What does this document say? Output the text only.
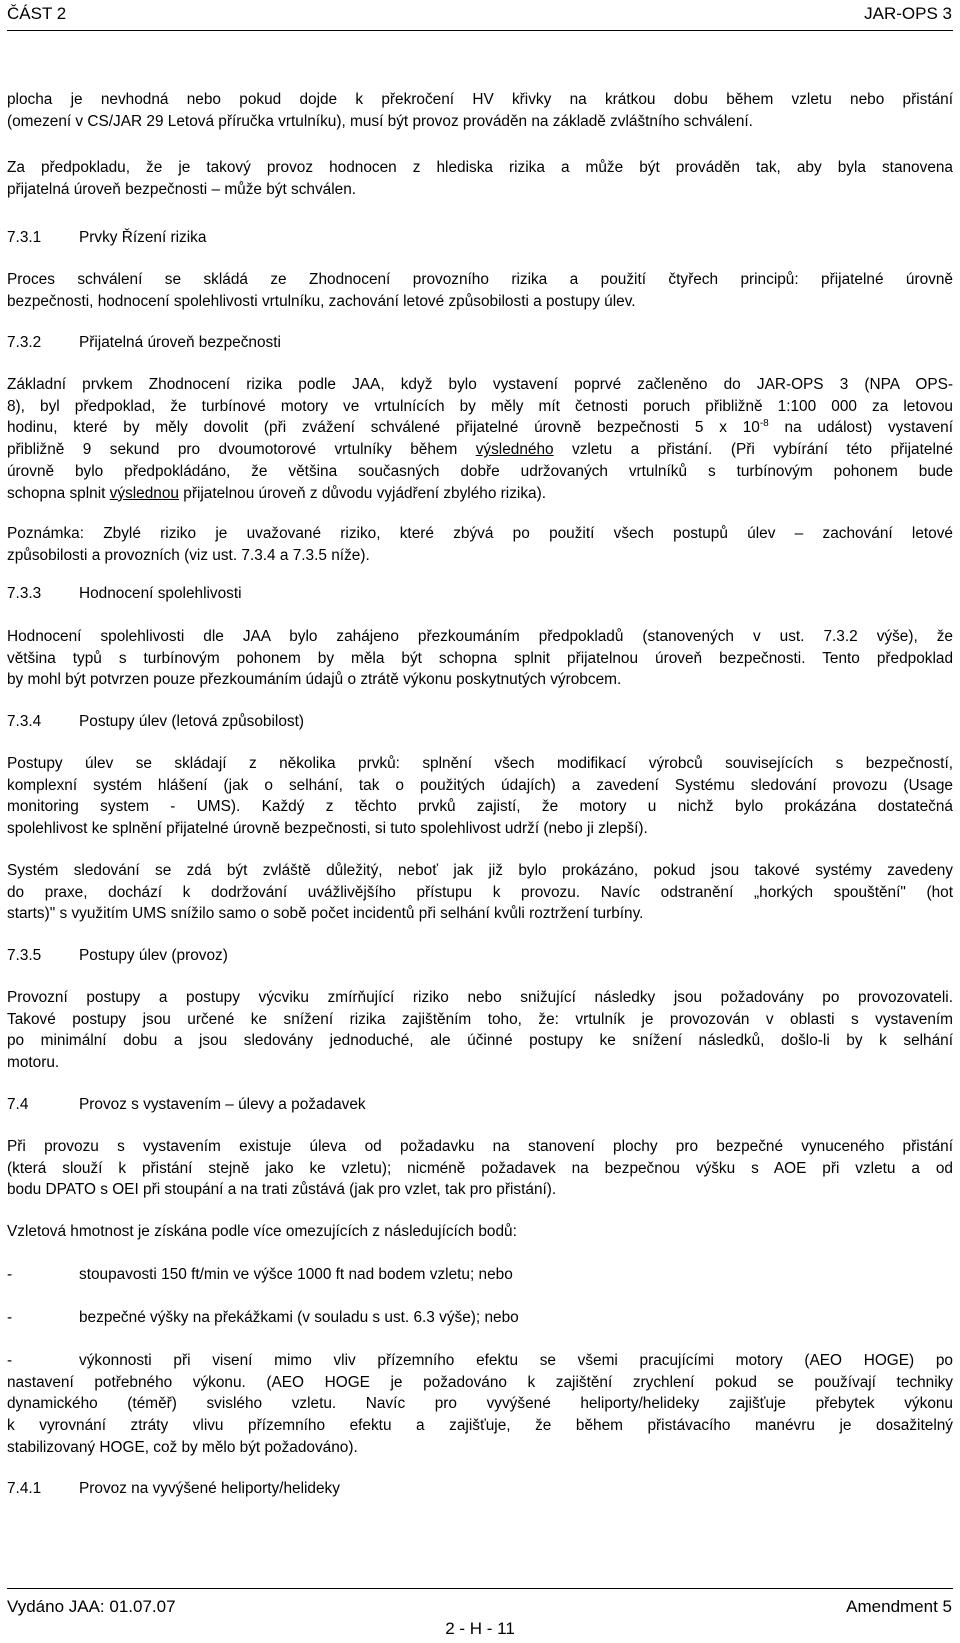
ČÁST 2	JAR-OPS 3
plocha je nevhodná nebo pokud dojde k překročení HV křivky na krátkou dobu během vzletu nebo přistání
(omezení v CS/JAR 29 Letová příručka vrtulníku), musí být provoz prováděn na základě zvláštního schválení.
Za předpokladu, že je takový provoz hodnocen z hlediska rizika a může být prováděn tak, aby byla stanovena
přijatelná úroveň bezpečnosti – může být schválen.
7.3.1 Prvky Řízení rizika
Proces schválení se skládá ze Zhodnocení provozního rizika a použití čtyřech principů: přijatelné úrovně
bezpečnosti, hodnocení spolehlivosti vrtulníku, zachování letové způsobilosti a postupy úlev.
7.3.2 Přijatelná úroveň bezpečnosti
Základní prvkem Zhodnocení rizika podle JAA, když bylo vystavení poprvé začleněno do JAR-OPS 3 (NPA OPS-
8), byl předpoklad, že turbínové motory ve vrtulnících by měly mít četnosti poruch přibližně 1:100 000 za letovou
hodinu, které by měly dovolit (při zvážení schválené přijatelné úrovně bezpečnosti 5 x $10^{-8}$ na událost) vystavení
přibližně 9 sekund pro dvoumotorové vrtulníky během výsledného vzletu a přistání. (Při vybírání této přijatelné
úrovně bylo předpokládáno, že většina současných dobře udržovaných vrtulníků s turbínovým pohonem bude
schopna splnit výslednou přijatelnou úroveň z důvodu vyjádření zbylého rizika).
Poznámka: Zbylé riziko je uvažované riziko, které zbývá po použití všech postupů úlev – zachování letové
způsobilosti a provozních (viz ust. 7.3.4 a 7.3.5 níže).
7.3.3 Hodnocení spolehlivosti
Hodnocení spolehlivosti dle JAA bylo zahájeno přezkoumáním předpokladů (stanovených v ust. 7.3.2 výše), že
většina typů s turbínovým pohonem by měla být schopna splnit přijatelnou úroveň bezpečnosti. Tento předpoklad
by mohl být potvrzen pouze přezkoumáním údajů o ztrátě výkonu poskytnutých výrobcem.
7.3.4 Postupy úlev (letová způsobilost)
Postupy úlev se skládají z několika prvků: splnění všech modifikací výrobců souvisejících s bezpečností,
komplexní systém hlášení (jak o selhání, tak o použitých údajích) a zavedení Systému sledování provozu (Usage
monitoring system - UMS). Každý z těchto prvků zajistí, že motory u nichž bylo prokázána dostatečná
spolehlivost ke splnění přijatelné úrovně bezpečnosti, si tuto spolehlivost udrží (nebo ji zlepší).
Systém sledování se zdá být zvláště důležitý, neboť jak již bylo prokázáno, pokud jsou takové systémy zavedeny
do praxe, dochází k dodržování uvážlivějšího přístupu k provozu. Navíc odstranění „horkých spouštění" (hot
starts)" s využitím UMS snížilo samo o sobě počet incidentů při selhání kvůli roztržení turbíny.
7.3.5 Postupy úlev (provoz)
Provozní postupy a postupy výcviku zmírňující riziko nebo snižující následky jsou požadovány po provozovateli.
Takové postupy jsou určené ke snížení rizika zajištěním toho, že: vrtulník je provozován v oblasti s vystavením
po minimální dobu a jsou sledovány jednoduché, ale účinné postupy ke snížení následků, došlo-li by k selhání
motoru.
7.4	Provoz s vystavením – úlevy a požadavek
Při provozu s vystavením existuje úleva od požadavku na stanovení plochy pro bezpečné vynuceného přistání
(která slouží k přistání stejně jako ke vzletu); nicméně požadavek na bezpečnou výšku s AOE při vzletu a od
bodu DPATO s OEI při stoupání a na trati zůstává (jak pro vzlet, tak pro přistání).
Vzletová hmotnost je získána podle více omezujících z následujících bodů:
-	stoupavosti 150 ft/min ve výšce 1000 ft nad bodem vzletu; nebo
-	bezpečné výšky na překážkami (v souladu s ust. 6.3 výše); nebo
-	výkonnosti při visení mimo vliv přízemního efektu se všemi pracujícími motory (AEO HOGE) po
nastavení potřebného výkonu. (AEO HOGE je požadováno k zajištění zrychlení pokud se používají techniky
dynamického (téměř) svislého vzletu. Navíc pro vyvýšené heliporty/helideky zajišťuje přebytek výkonu
k vyrovnání ztráty vlivu přízemního efektu a zajišťuje, že během přistávacího manévru je dosažitelný
stabilizovaný HOGE, což by mělo být požadováno).
7.4.1 Provoz na vyvýšené heliporty/helideky
Vydáno JAA: 01.07.07	Amendment 5
2 - H - 11
